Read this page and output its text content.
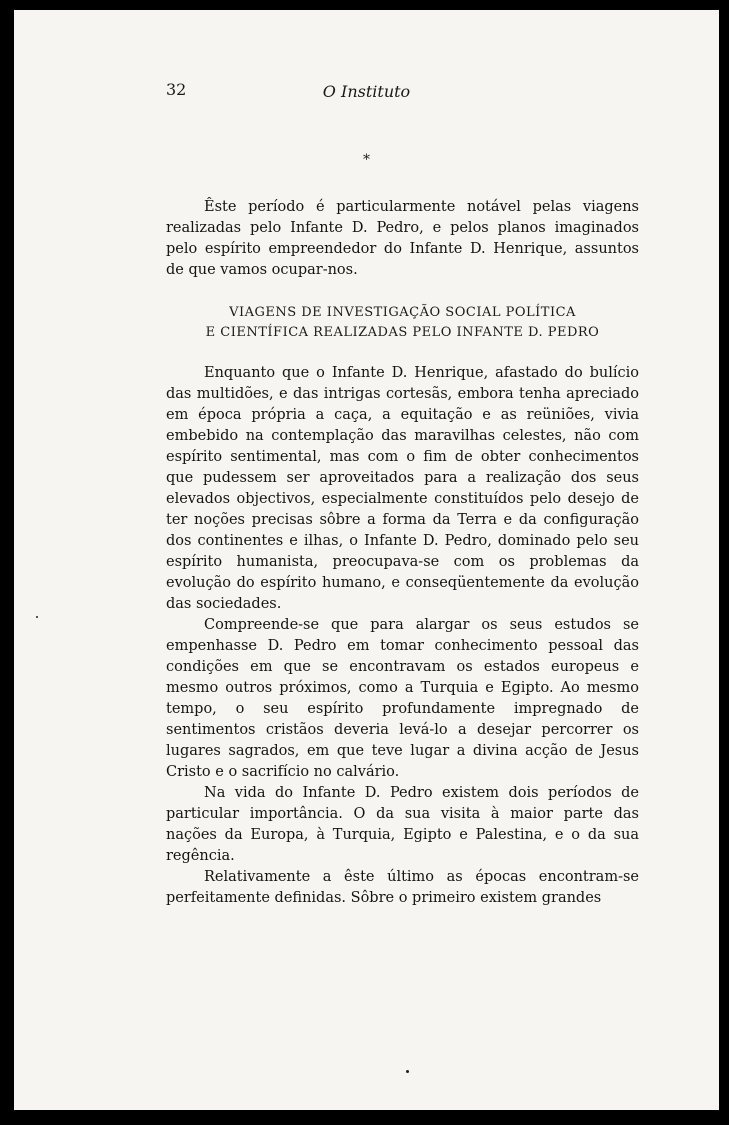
32	O Instituto

*

Êste período é particularmente notável pelas viagens realizadas pelo Infante D. Pedro, e pelos planos imaginados pelo espírito empreendedor do Infante D. Henrique, assuntos de que vamos ocupar-nos.

VIAGENS DE INVESTIGAÇÃO SOCIAL POLÍTICA
E CIENTÍFICA REALIZADAS PELO INFANTE D. PEDRO

Enquanto que o Infante D. Henrique, afastado do bulício das multidões, e das intrigas cortesãs, embora tenha apreciado em época própria a caça, a equitação e as reüniões, vivia embebido na contemplação das maravilhas celestes, não com espírito sentimental, mas com o fim de obter conhecimentos que pudessem ser aproveitados para a realização dos seus elevados objectivos, especialmente constituídos pelo desejo de ter noções precisas sôbre a forma da Terra e da configuração dos continentes e ilhas, o Infante D. Pedro, dominado pelo seu espírito humanista, preocupava-se com os problemas da evolução do espírito humano, e conseqüentemente da evolução das sociedades.

Compreende-se que para alargar os seus estudos se empenhasse D. Pedro em tomar conhecimento pessoal das condições em que se encontravam os estados europeus e mesmo outros próximos, como a Turquia e Egipto. Ao mesmo tempo, o seu espírito profundamente impregnado de sentimentos cristãos deveria levá-lo a desejar percorrer os lugares sagrados, em que teve lugar a divina acção de Jesus Cristo e o sacrifício no calvário.

Na vida do Infante D. Pedro existem dois períodos de particular importância. O da sua visita à maior parte das nações da Europa, à Turquia, Egipto e Palestina, e o da sua regência.

Relativamente a êste último as épocas encontram-se perfeitamente definidas. Sôbre o primeiro existem grandes
